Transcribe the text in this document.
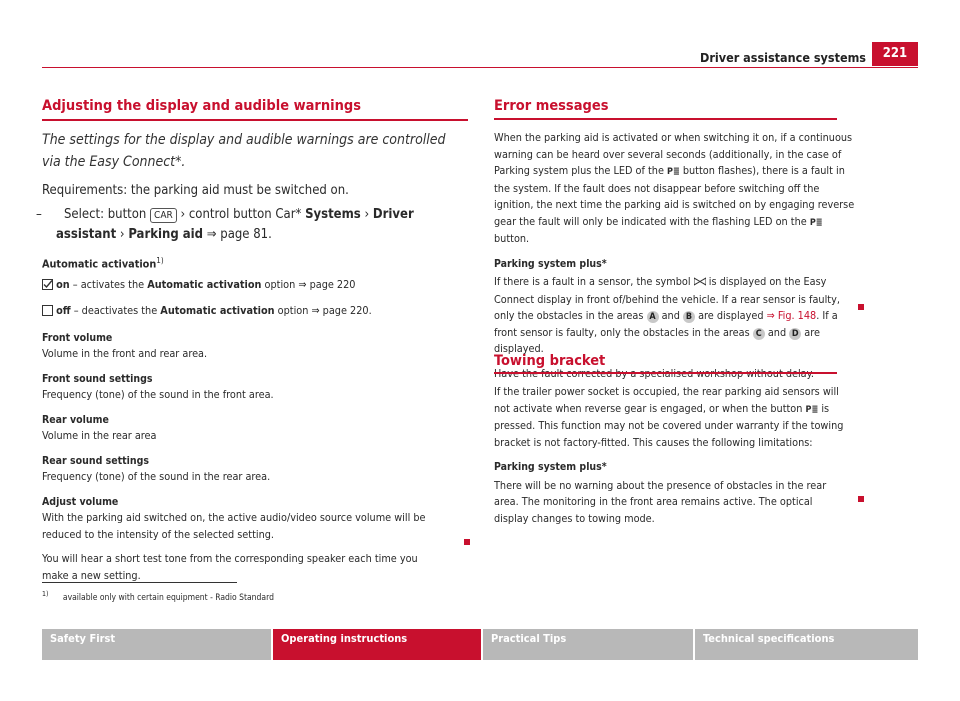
Driver assistance systems	221
Adjusting the display and audible warnings

The settings for the display and audible warnings are controlled via the Easy Connect*.

Requirements: the parking aid must be switched on.

– Select: button CAR › control button Car* Systems › Driver assistant › Parking aid ⇒ page 81.

Automatic activation$^{1)}$

on – activates the Automatic activation option ⇒ page 220

off – deactivates the Automatic activation option ⇒ page 220.

Front volume

Volume in the front and rear area.

Front sound settings

Frequency (tone) of the sound in the front area.

Rear volume

Volume in the rear area

Rear sound settings

Frequency (tone) of the sound in the rear area.

Adjust volume

With the parking aid switched on, the active audio/video source volume will be reduced to the intensity of the selected setting.

You will hear a short test tone from the corresponding speaker each time you make a new setting.

Error messages

When the parking aid is activated or when switching it on, if a continuous warning can be heard over several seconds (additionally, in the case of Parking system plus the LED of the P≣ button flashes), there is a fault in the system. If the fault does not disappear before switching off the ignition, the next time the parking aid is switched on by engaging reverse gear the fault will only be indicated with the flashing LED on the P≣ button.

Parking system plus*

If there is a fault in a sensor, the symbol is displayed on the Easy Connect display in front of/behind the vehicle. If a rear sensor is faulty, only the obstacles in the areas A and B are displayed ⇒ Fig. 148. If a front sensor is faulty, only the obstacles in the areas C and D are displayed.

Towing bracket

If the trailer power socket is occupied, the rear parking aid sensors will not activate when reverse gear is engaged, or when the button P≣ is pressed. This function may not be covered under warranty if the towing bracket is not factory-fitted. This causes the following limitations:

Parking system plus*

There will be no warning about the presence of obstacles in the rear area. The monitoring in the front area remains active. The optical display changes to towing mode.

$^{1)}$ available only with certain equipment - Radio Standard
Safety First	Operating instructions	Practical Tips	Technical specifications
